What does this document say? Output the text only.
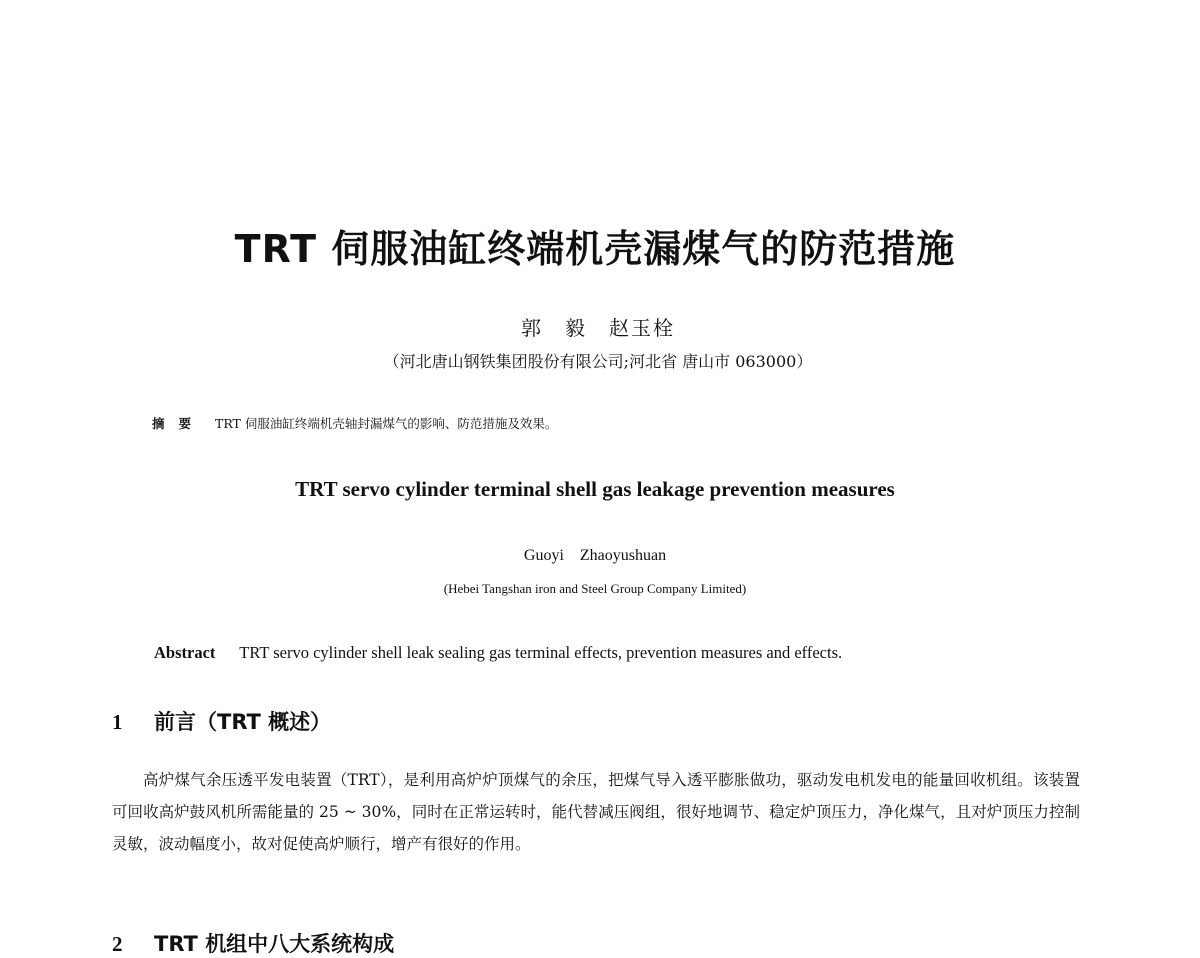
TRT 伺服油缸终端机壳漏煤气的防范措施
郭　毅　赵玉栓
（河北唐山钢铁集团股份有限公司;河北省 唐山市 063000）
摘要 TRT 伺服油缸终端机壳轴封漏煤气的影响、防范措施及效果。
TRT servo cylinder terminal shell gas leakage prevention measures
Guoyi Zhaoyushuan
(Hebei Tangshan iron and Steel Group Company Limited)
Abstract TRT servo cylinder shell leak sealing gas terminal effects, prevention measures and effects.
1 前言（TRT 概述）
高炉煤气余压透平发电装置（TRT），是利用高炉炉顶煤气的余压，把煤气导入透平膨胀做功，驱动发电机发电的能量回收机组。该装置可回收高炉鼓风机所需能量的 25 ~ 30%，同时在正常运转时，能代替减压阀组，很好地调节、稳定炉顶压力，净化煤气，且对炉顶压力控制灵敏，波动幅度小，故对促使高炉顺行，增产有很好的作用。
2 TRT 机组中八大系统构成
